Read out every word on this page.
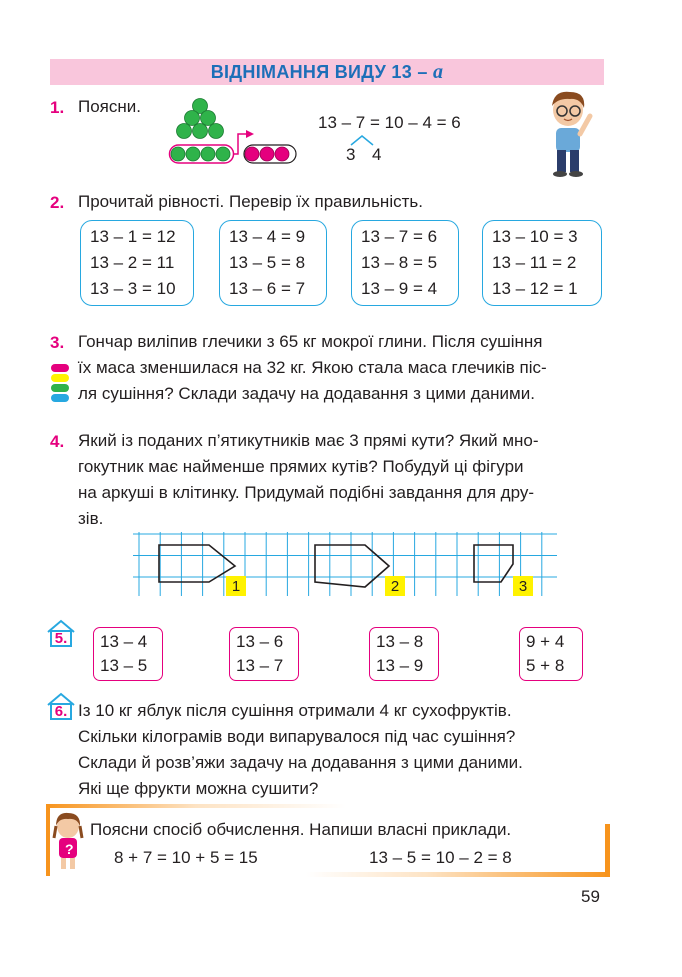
ВІДНІМАННЯ ВИДУ 13 – a
1. Поясни.
13 – 7 = 10 – 4 = 6
3 4
2. Прочитай рівності. Перевір їх правильність.
13 – 1 = 12
13 – 2 = 11
13 – 3 = 10
13 – 4 = 9
13 – 5 = 8
13 – 6 = 7
13 – 7 = 6
13 – 8 = 5
13 – 9 = 4
13 – 10 = 3
13 – 11 = 2
13 – 12 = 1
3. Гончар виліпив глечики з 65 кг мокрої глини. Після сушіння
їх маса зменшилася на 32 кг. Якою стала маса глечиків піс-
ля сушіння? Склади задачу на додавання з цими даними.
4. Який із поданих п’ятикутників має 3 прямі кути? Який мно-
гокутник має найменше прямих кутів? Побудуй ці фігури
на аркуші в клітинку. Придумай подібні завдання для дру-
зів.
1	2	3
5.	13 – 4
13 – 5
13 – 6
13 – 7
13 – 8
13 – 9
9 + 4
5 + 8
6. Із 10 кг яблук після сушіння отримали 4 кг сухофруктів.
Скільки кілограмів води випарувалося під час сушіння?
Склади й розв’яжи задачу на додавання з цими даними.
Які ще фрукти можна сушити?
?
Поясни спосіб обчислення. Напиши власні приклади.
8 + 7 = 10 + 5 = 15	13 – 5 = 10 – 2 = 8
59
